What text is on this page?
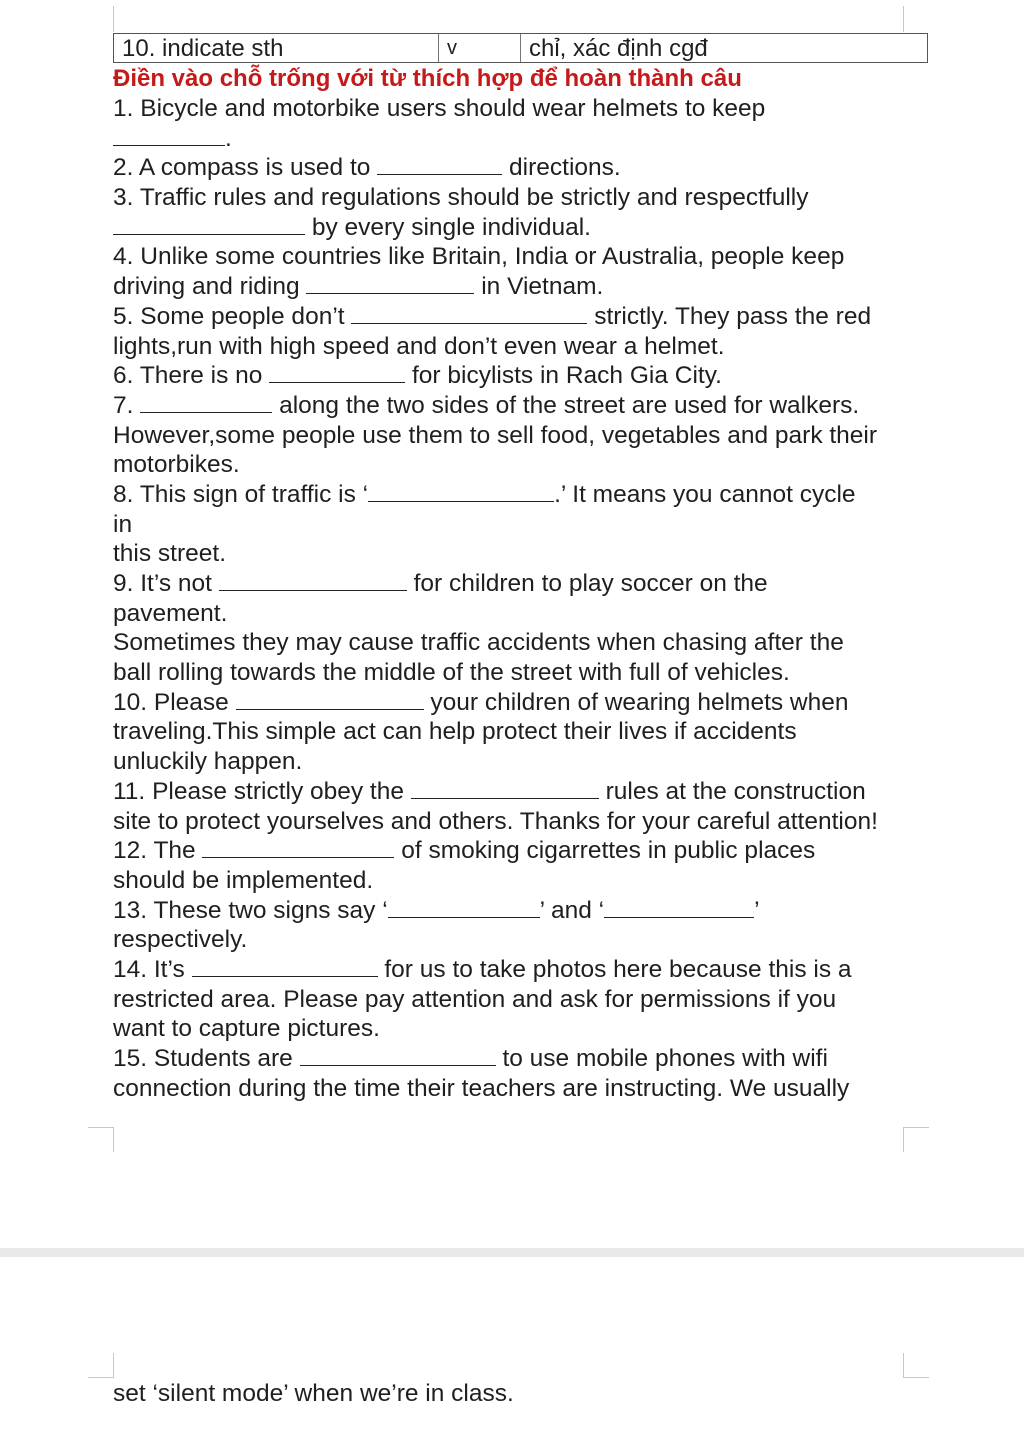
10. indicate sth	v	chỉ, xác định cgđ
Điền vào chỗ trống với từ thích hợp để hoàn thành câu
1. Bicycle and motorbike users should wear helmets to keep
.
2. A compass is used to	directions.
3. Traffic rules and regulations should be strictly and respectfully
by every single individual.
4. Unlike some countries like Britain, India or Australia, people keep
driving and riding	in Vietnam.
5. Some people don’t	strictly. They pass the red
lights,run with high speed and don’t even wear a helmet.
6. There is no	for bicylists in Rach Gia City.
7.	along the two sides of the street are used for walkers.
However,some people use them to sell food, vegetables and park their
motorbikes.
8. This sign of traffic is ‘	.’ It means you cannot cycle
in
this street.
9. It’s not	for children to play soccer on the
pavement.
Sometimes they may cause traffic accidents when chasing after the
ball rolling towards the middle of the street with full of vehicles.
10. Please	your children of wearing helmets when
traveling.This simple act can help protect their lives if accidents
unluckily happen.
11. Please strictly obey the	rules at the construction
site to protect yourselves and others. Thanks for your careful attention!
12. The	of smoking cigarrettes in public places
should be implemented.
13. These two signs say ‘	’ and ‘	’
respectively.
14. It’s	for us to take photos here because this is a
restricted area. Please pay attention and ask for permissions if you
want to capture pictures.
15. Students are	to use mobile phones with wifi
connection during the time their teachers are instructing. We usually
set ‘silent mode’ when we’re in class.
